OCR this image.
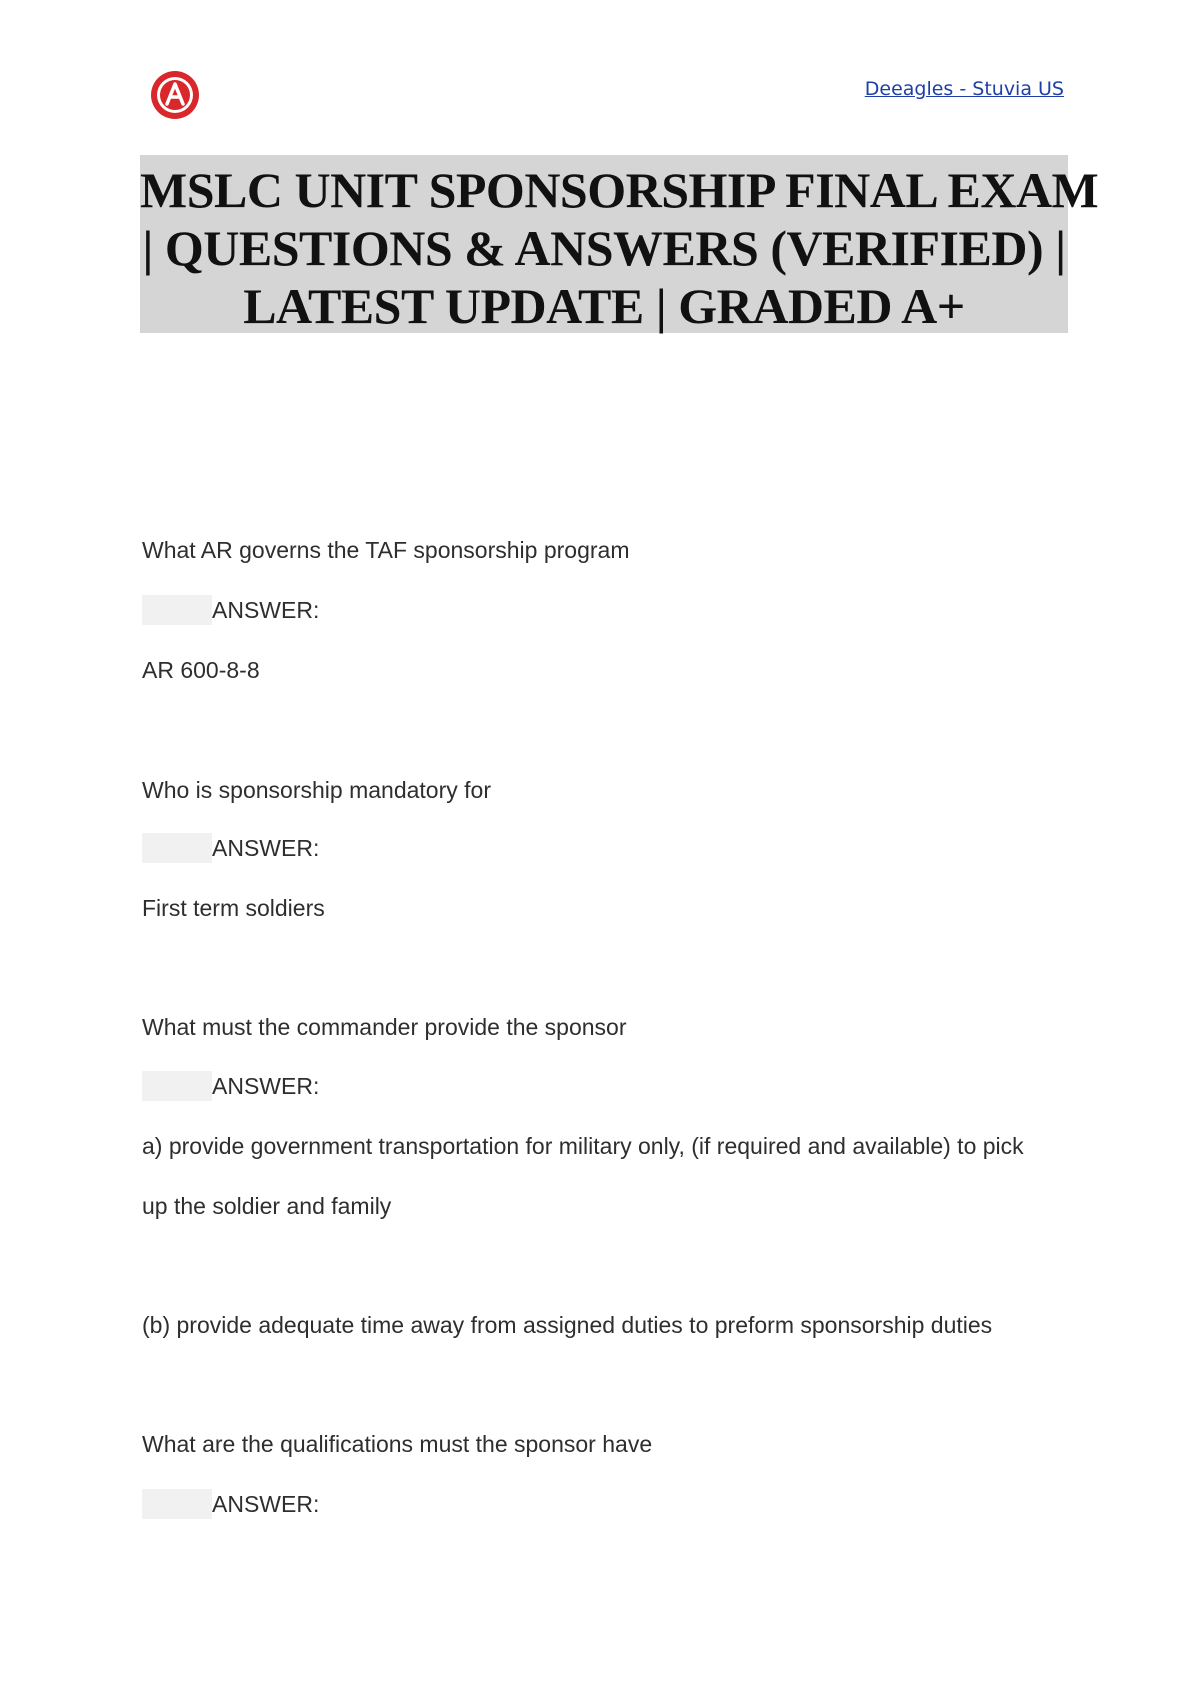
Deeagles - Stuvia US
MSLC UNIT SPONSORSHIP FINAL EXAM
| QUESTIONS & ANSWERS (VERIFIED) |
LATEST UPDATE | GRADED A+
What AR governs the TAF sponsorship program
ANSWER:
AR 600-8-8
Who is sponsorship mandatory for
ANSWER:
First term soldiers
What must the commander provide the sponsor
ANSWER:
a) provide government transportation for military only, (if required and available) to pick
up the soldier and family
(b) provide adequate time away from assigned duties to preform sponsorship duties
What are the qualifications must the sponsor have
ANSWER:
